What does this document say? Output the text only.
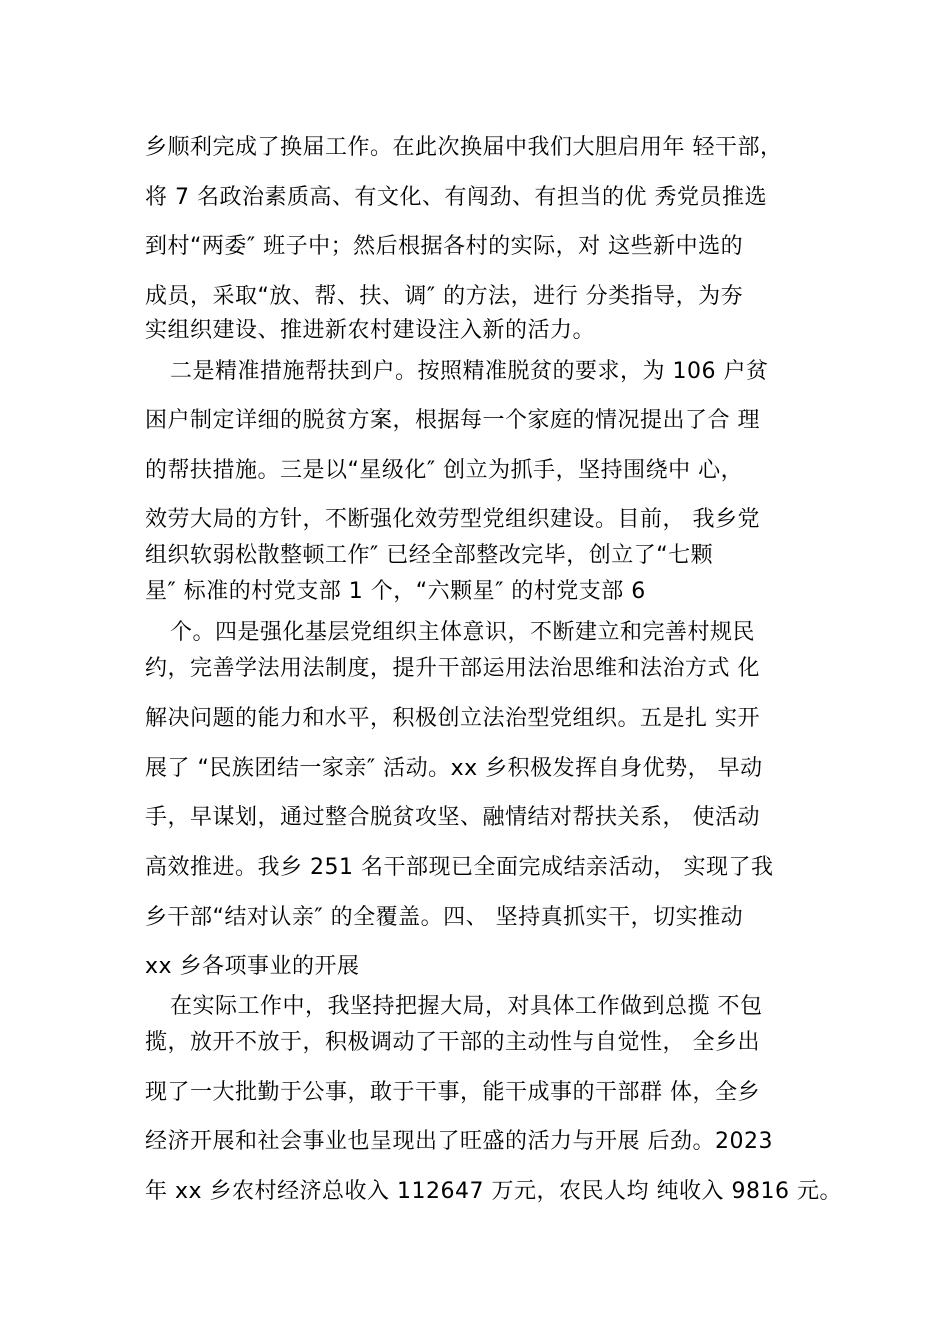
乡顺利完成了换届工作。在此次换届中我们大胆启用年 轻干部，
将 7 名政治素质高、有文化、有闯劲、有担当的优 秀党员推选
到村“两委″ 班子中；然后根据各村的实际，对 这些新中选的
成员，采取“放、帮、扶、调″ 的方法，进行 分类指导，为夯
实组织建设、推进新农村建设注入新的活力。
二是精准措施帮扶到户。按照精准脱贫的要求，为 106 户贫
困户制定详细的脱贫方案，根据每一个家庭的情况提出了合 理
的帮扶措施。三是以“星级化″ 创立为抓手，坚持围绕中 心，
效劳大局的方针，不断强化效劳型党组织建设。目前， 我乡党
组织软弱松散整顿工作″ 已经全部整改完毕，创立了“七颗
星″ 标准的村党支部 1 个，“六颗星″ 的村党支部 6
个。四是强化基层党组织主体意识，不断建立和完善村规民
约，完善学法用法制度，提升干部运用法治思维和法治方式 化
解决问题的能力和水平，积极创立法治型党组织。五是扎 实开
展了 “民族团结一家亲″ 活动。xx 乡积极发挥自身优势， 早动
手，早谋划，通过整合脱贫攻坚、融情结对帮扶关系， 使活动
高效推进。我乡 251 名干部现已全面完成结亲活动， 实现了我
乡干部“结对认亲″ 的全覆盖。四、 坚持真抓实干，切实推动
xx 乡各项事业的开展
在实际工作中，我坚持把握大局，对具体工作做到总揽 不包
揽，放开不放于，积极调动了干部的主动性与自觉性， 全乡出
现了一大批勤于公事，敢于干事，能干成事的干部群 体，全乡
经济开展和社会事业也呈现出了旺盛的活力与开展 后劲。2023
年 xx 乡农村经济总收入 112647 万元，农民人均 纯收入 9816 元。
